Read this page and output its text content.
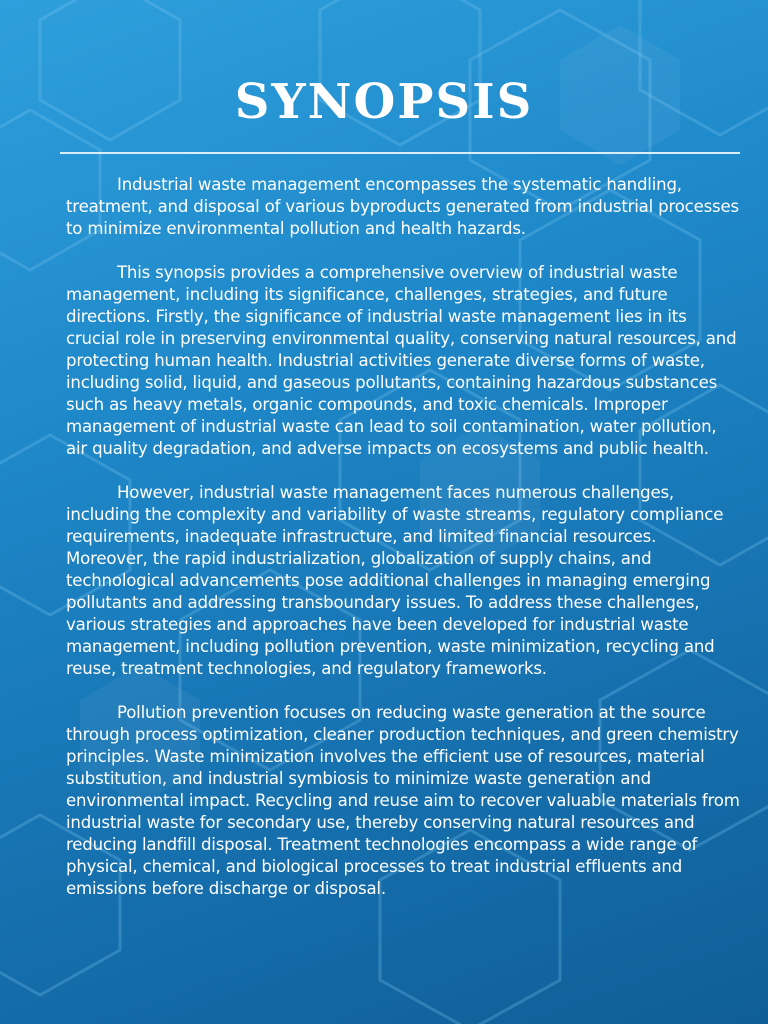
SYNOPSIS

Industrial waste management encompasses the systematic handling, treatment, and disposal of various byproducts generated from industrial processes to minimize environmental pollution and health hazards.

This synopsis provides a comprehensive overview of industrial waste management, including its significance, challenges, strategies, and future directions. Firstly, the significance of industrial waste management lies in its crucial role in preserving environmental quality, conserving natural resources, and protecting human health. Industrial activities generate diverse forms of waste, including solid, liquid, and gaseous pollutants, containing hazardous substances such as heavy metals, organic compounds, and toxic chemicals. Improper management of industrial waste can lead to soil contamination, water pollution, air quality degradation, and adverse impacts on ecosystems and public health.

However, industrial waste management faces numerous challenges, including the complexity and variability of waste streams, regulatory compliance requirements, inadequate infrastructure, and limited financial resources. Moreover, the rapid industrialization, globalization of supply chains, and technological advancements pose additional challenges in managing emerging pollutants and addressing transboundary issues. To address these challenges, various strategies and approaches have been developed for industrial waste management, including pollution prevention, waste minimization, recycling and reuse, treatment technologies, and regulatory frameworks.

Pollution prevention focuses on reducing waste generation at the source through process optimization, cleaner production techniques, and green chemistry principles. Waste minimization involves the efficient use of resources, material substitution, and industrial symbiosis to minimize waste generation and environmental impact. Recycling and reuse aim to recover valuable materials from industrial waste for secondary use, thereby conserving natural resources and reducing landfill disposal. Treatment technologies encompass a wide range of physical, chemical, and biological processes to treat industrial effluents and emissions before discharge or disposal.
